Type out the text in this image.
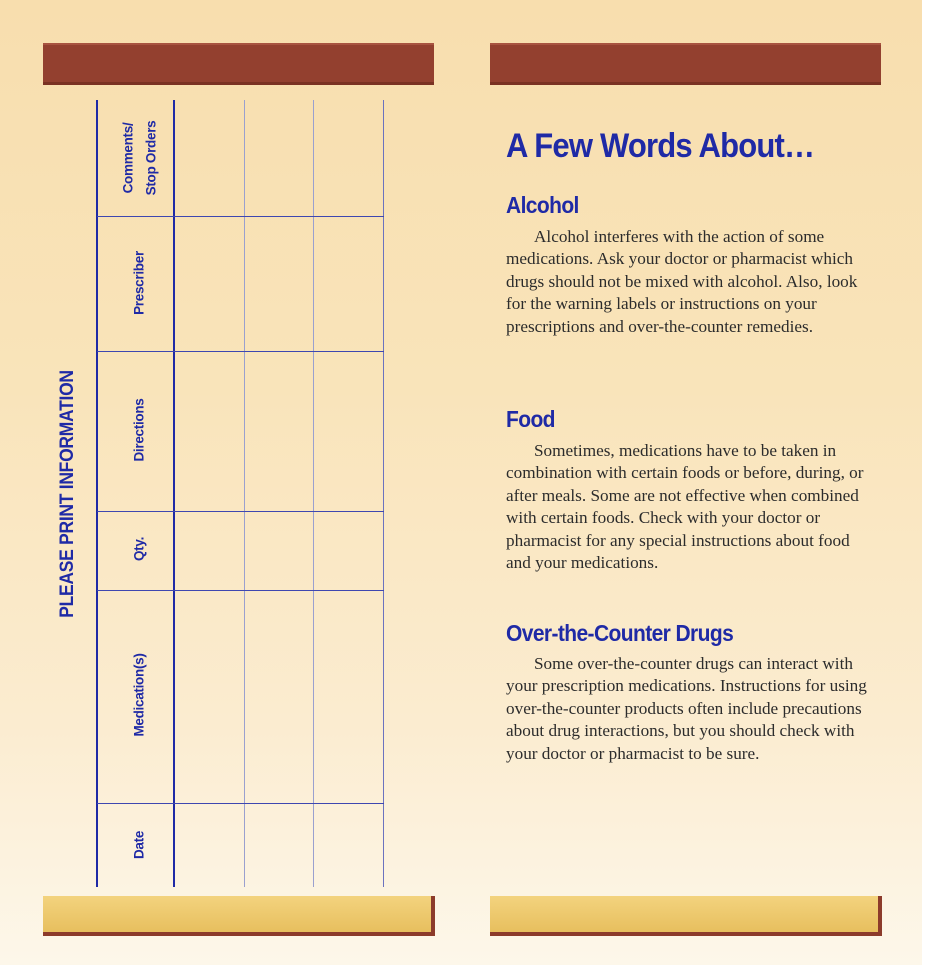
PLEASE PRINT INFORMATION
Comments/ Stop Orders
Prescriber
Directions
Qty.
Medication(s)
Date
A Few Words About…
Alcohol

Alcohol interferes with the action of some medications. Ask your doctor or pharmacist which drugs should not be mixed with alcohol. Also, look for the warning labels or instructions on your prescriptions and over-the-counter remedies.

Food

Sometimes, medications have to be taken in combination with certain foods or before, during, or after meals. Some are not effective when combined with certain foods. Check with your doctor or pharmacist for any special instructions about food and your medications.

Over-the-Counter Drugs

Some over-the-counter drugs can interact with your prescription medications. Instructions for using over-the-counter products often include precautions about drug interactions, but you should check with your doctor or pharmacist to be sure.
